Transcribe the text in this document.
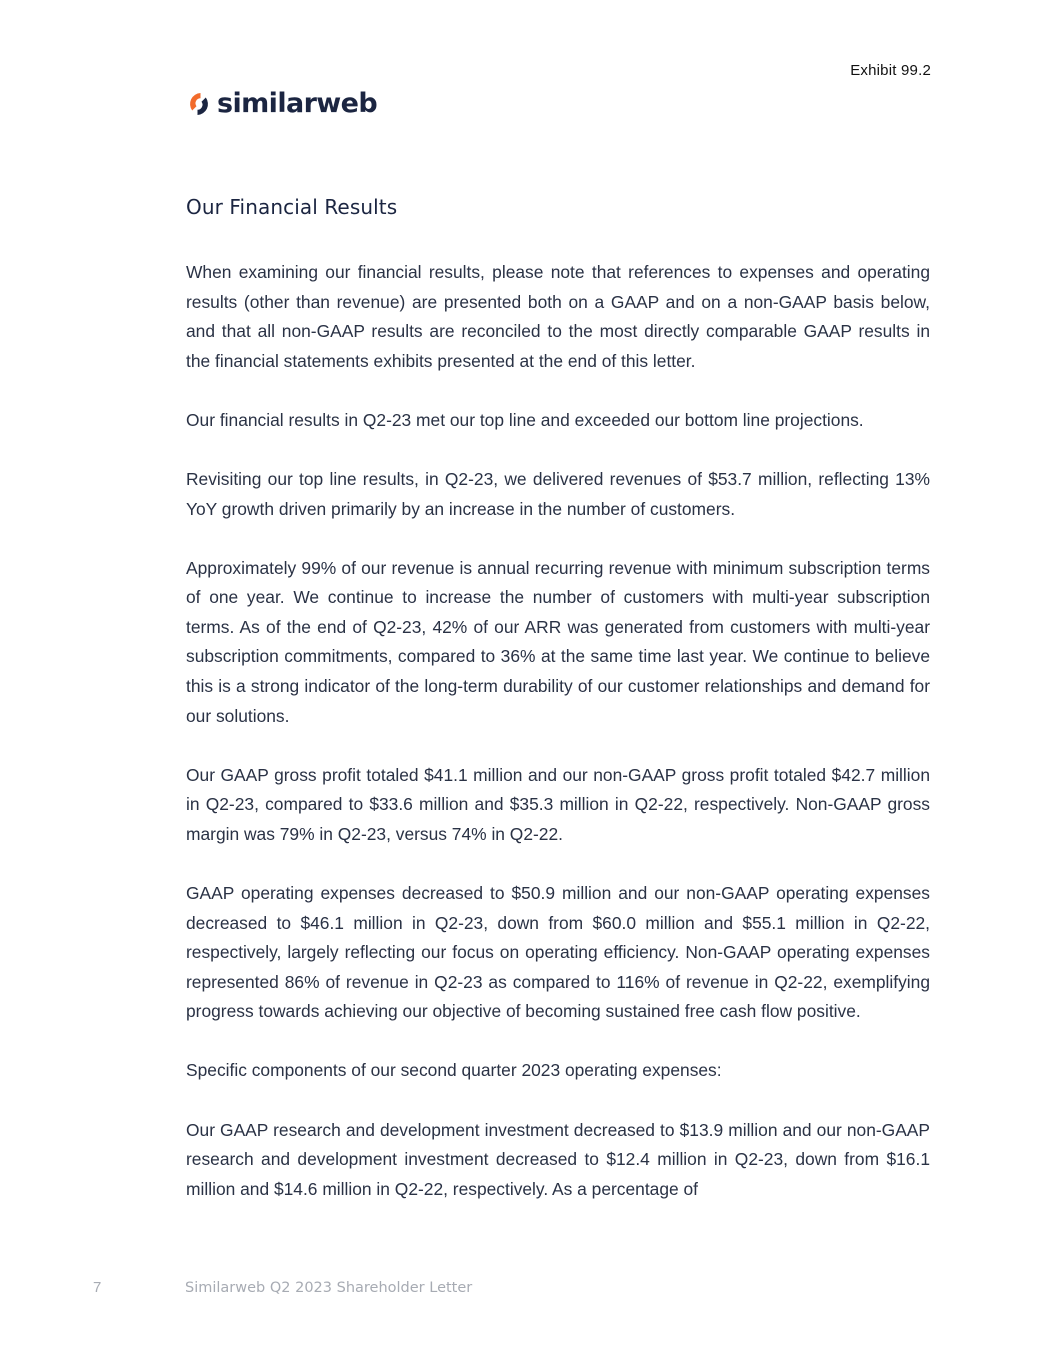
Exhibit 99.2
similarweb
Our Financial Results

When examining our financial results, please note that references to expenses and operating results (other than revenue) are presented both on a GAAP and on a non-GAAP basis below, and that all non-GAAP results are reconciled to the most directly comparable GAAP results in the financial statements exhibits presented at the end of this letter.

Our financial results in Q2-23 met our top line and exceeded our bottom line projections.

Revisiting our top line results, in Q2-23, we delivered revenues of $53.7 million, reflecting 13% YoY growth driven primarily by an increase in the number of customers.

Approximately 99% of our revenue is annual recurring revenue with minimum subscription terms of one year. We continue to increase the number of customers with multi-year subscription terms. As of the end of Q2-23, 42% of our ARR was generated from customers with multi-year subscription commitments, compared to 36% at the same time last year. We continue to believe this is a strong indicator of the long-term durability of our customer relationships and demand for our solutions.

Our GAAP gross profit totaled $41.1 million and our non-GAAP gross profit totaled $42.7 million in Q2-23, compared to $33.6 million and $35.3 million in Q2-22, respectively. Non-GAAP gross margin was 79% in Q2-23, versus 74% in Q2-22.

GAAP operating expenses decreased to $50.9 million and our non-GAAP operating expenses decreased to $46.1 million in Q2-23, down from $60.0 million and $55.1 million in Q2-22, respectively, largely reflecting our focus on operating efficiency. Non-GAAP operating expenses represented 86% of revenue in Q2-23 as compared to 116% of revenue in Q2-22, exemplifying progress towards achieving our objective of becoming sustained free cash flow positive.

Specific components of our second quarter 2023 operating expenses:

Our GAAP research and development investment decreased to $13.9 million and our non-GAAP research and development investment decreased to $12.4 million in Q2-23, down from $16.1 million and $14.6 million in Q2-22, respectively. As a percentage of

7	Similarweb Q2 2023 Shareholder Letter
